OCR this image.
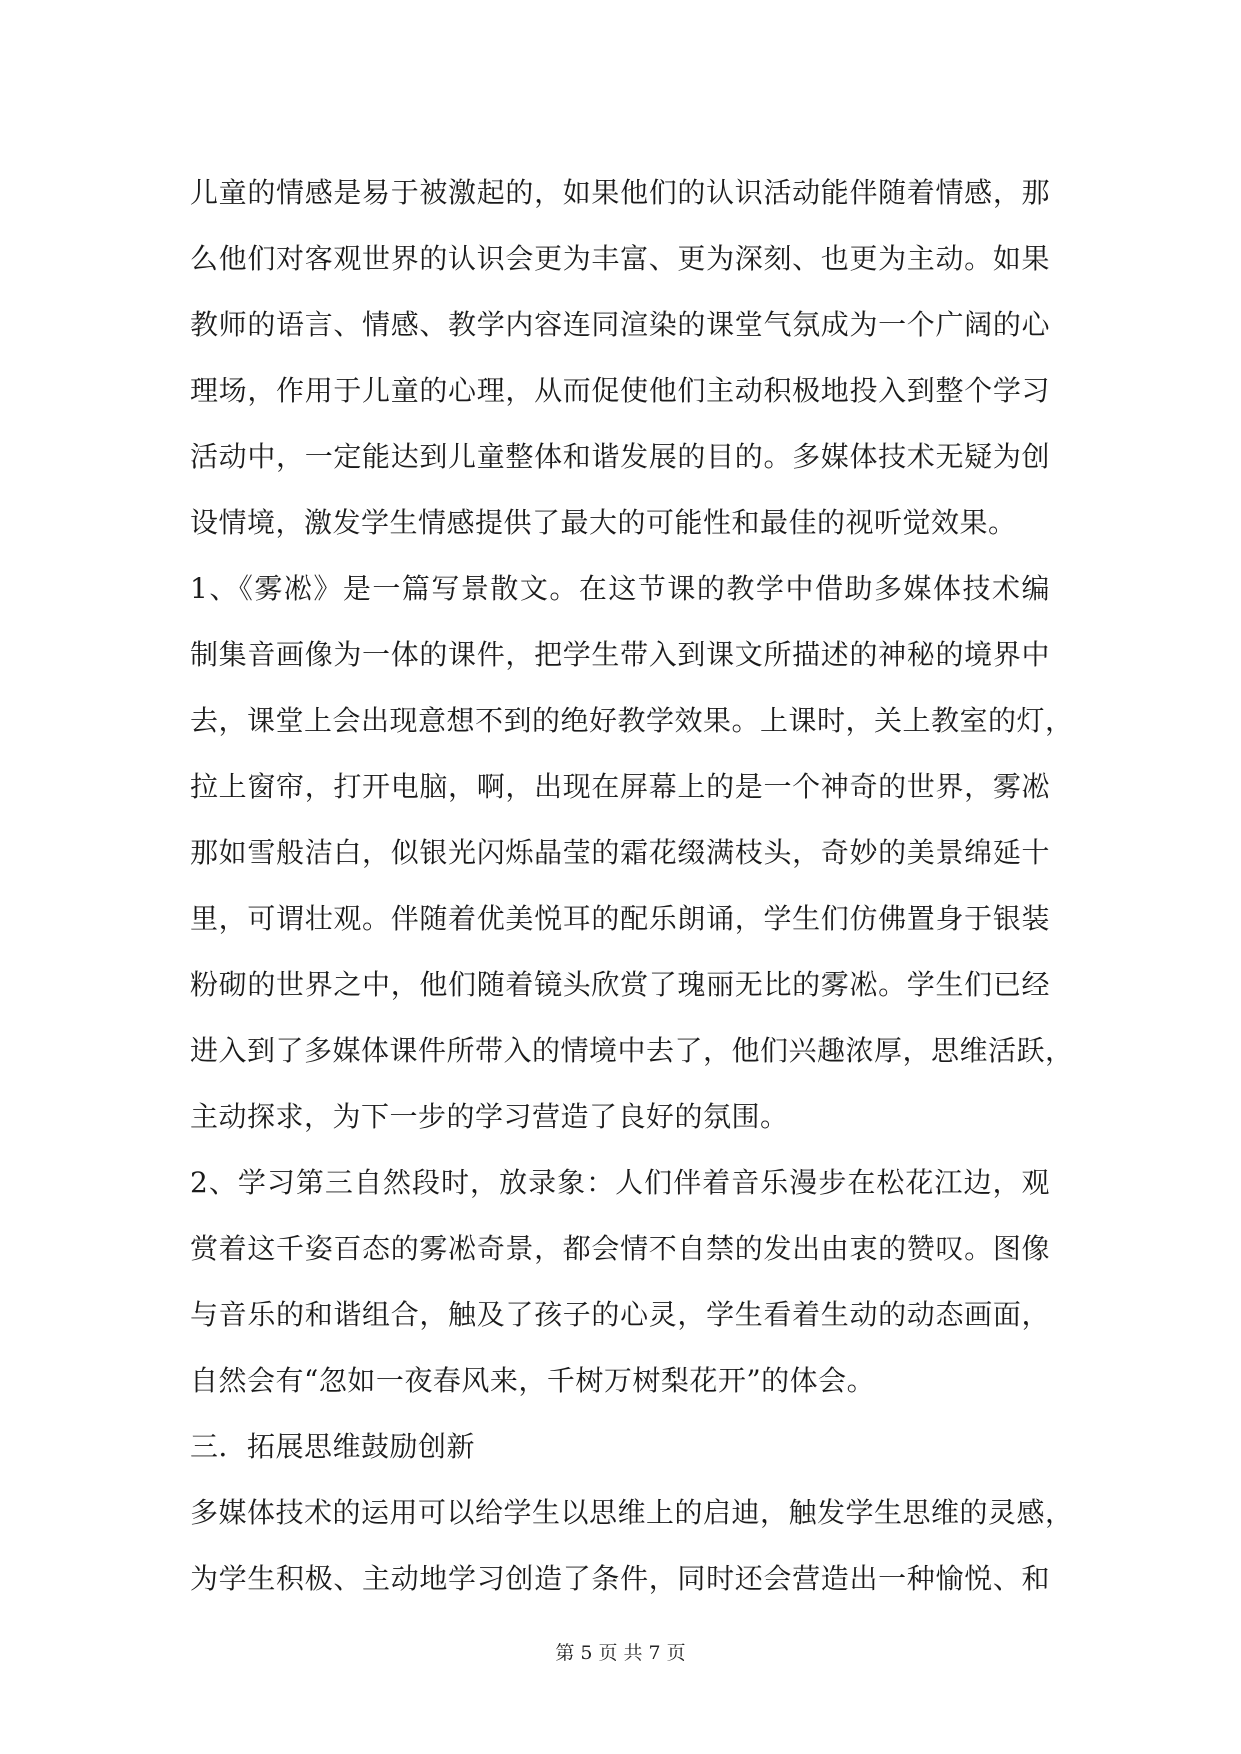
儿童的情感是易于被激起的，如果他们的认识活动能伴随着情感，那
么他们对客观世界的认识会更为丰富、更为深刻、也更为主动。如果
教师的语言、情感、教学内容连同渲染的课堂气氛成为一个广阔的心
理场，作用于儿童的心理，从而促使他们主动积极地投入到整个学习
活动中，一定能达到儿童整体和谐发展的目的。多媒体技术无疑为创
设情境，激发学生情感提供了最大的可能性和最佳的视听觉效果。
1、《雾凇》是一篇写景散文。在这节课的教学中借助多媒体技术编
制集音画像为一体的课件，把学生带入到课文所描述的神秘的境界中
去，课堂上会出现意想不到的绝好教学效果。上课时，关上教室的灯，
拉上窗帘，打开电脑，啊，出现在屏幕上的是一个神奇的世界，雾凇
那如雪般洁白，似银光闪烁晶莹的霜花缀满枝头，奇妙的美景绵延十
里，可谓壮观。伴随着优美悦耳的配乐朗诵，学生们仿佛置身于银装
粉砌的世界之中，他们随着镜头欣赏了瑰丽无比的雾凇。学生们已经
进入到了多媒体课件所带入的情境中去了，他们兴趣浓厚，思维活跃，
主动探求，为下一步的学习营造了良好的氛围。
2、学习第三自然段时，放录象：人们伴着音乐漫步在松花江边，观
赏着这千姿百态的雾凇奇景，都会情不自禁的发出由衷的赞叹。图像
与音乐的和谐组合，触及了孩子的心灵，学生看着生动的动态画面，
自然会有“忽如一夜春风来，千树万树梨花开”的体会。
三．拓展思维鼓励创新
多媒体技术的运用可以给学生以思维上的启迪，触发学生思维的灵感，
为学生积极、主动地学习创造了条件，同时还会营造出一种愉悦、和
第 5 页 共 7 页
